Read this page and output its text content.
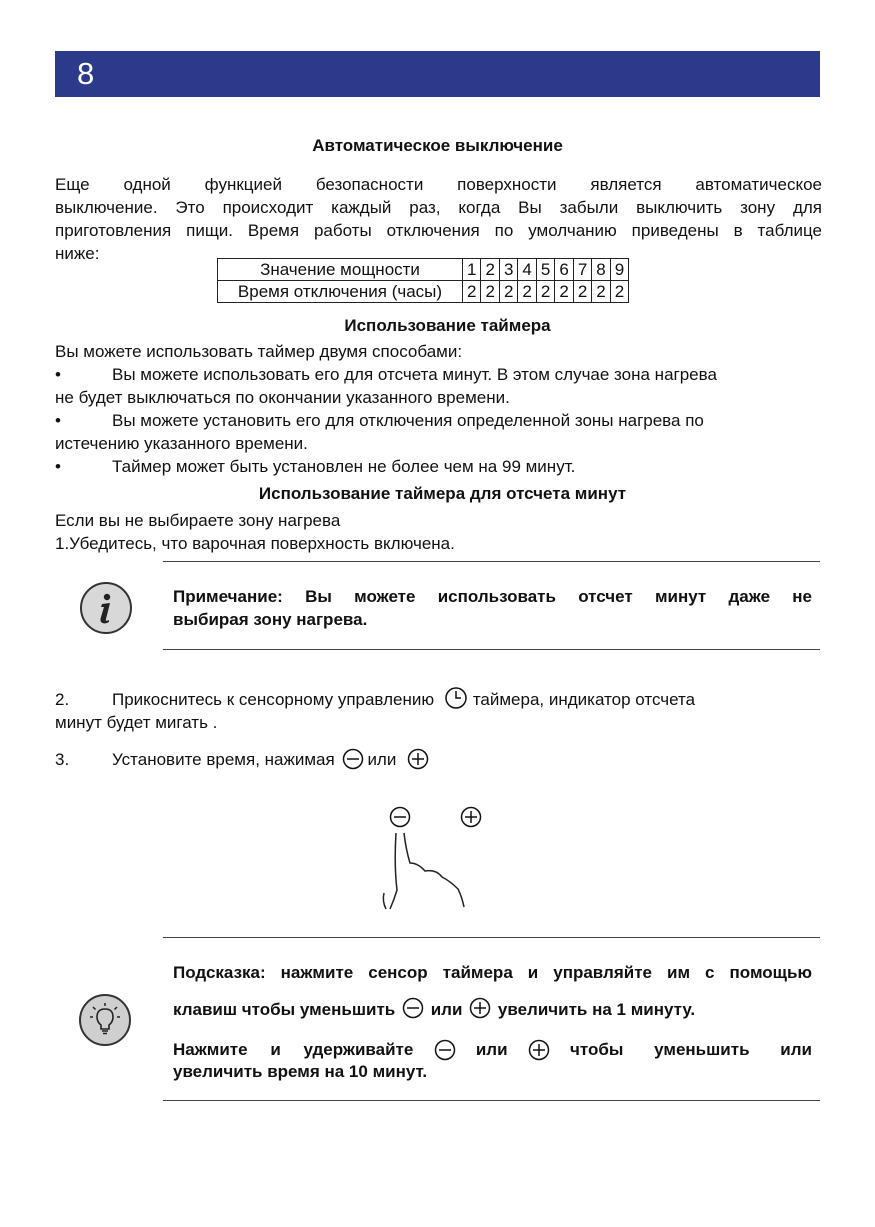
8
Автоматическое выключение
Еще одной функцией безопасности поверхности является автоматическое
выключение. Это происходит каждый раз, когда Вы забыли выключить зону для
приготовления пищи. Время работы отключения по умолчанию приведены в таблице
ниже:
Значение мощности	1	2	3	4	5	6	7	8	9
Время отключения (часы)	2	2	2	2	2	2	2	2	2
Использование таймера
Вы можете использовать таймер двумя способами:
•	Вы можете использовать его для отсчета минут. В этом случае зона нагрева
не будет выключаться по окончании указанного времени.
•	Вы можете установить его для отключения определенной зоны нагрева по
истечению указанного времени.
•	Таймер может быть установлен не более чем на 99 минут.
Использование таймера для отсчета минут
Если вы не выбираете зону нагрева
1.Убедитесь, что варочная поверхность включена.
Примечание: Вы можете использовать отсчет минут даже не
выбирая зону нагрева.
2.	Прикоснитесь к сенсорному управлению таймера, индикатор отсчета
минут будет мигать .
3.	Установите время, нажимая или
Подсказка: нажмите сенсор таймера и управляйте им с помощью
клавиш чтобы уменьшить или увеличить на 1 минуту.
Нажмите и удерживайте	или	чтобы уменьшить или
увеличить время на 10 минут.
